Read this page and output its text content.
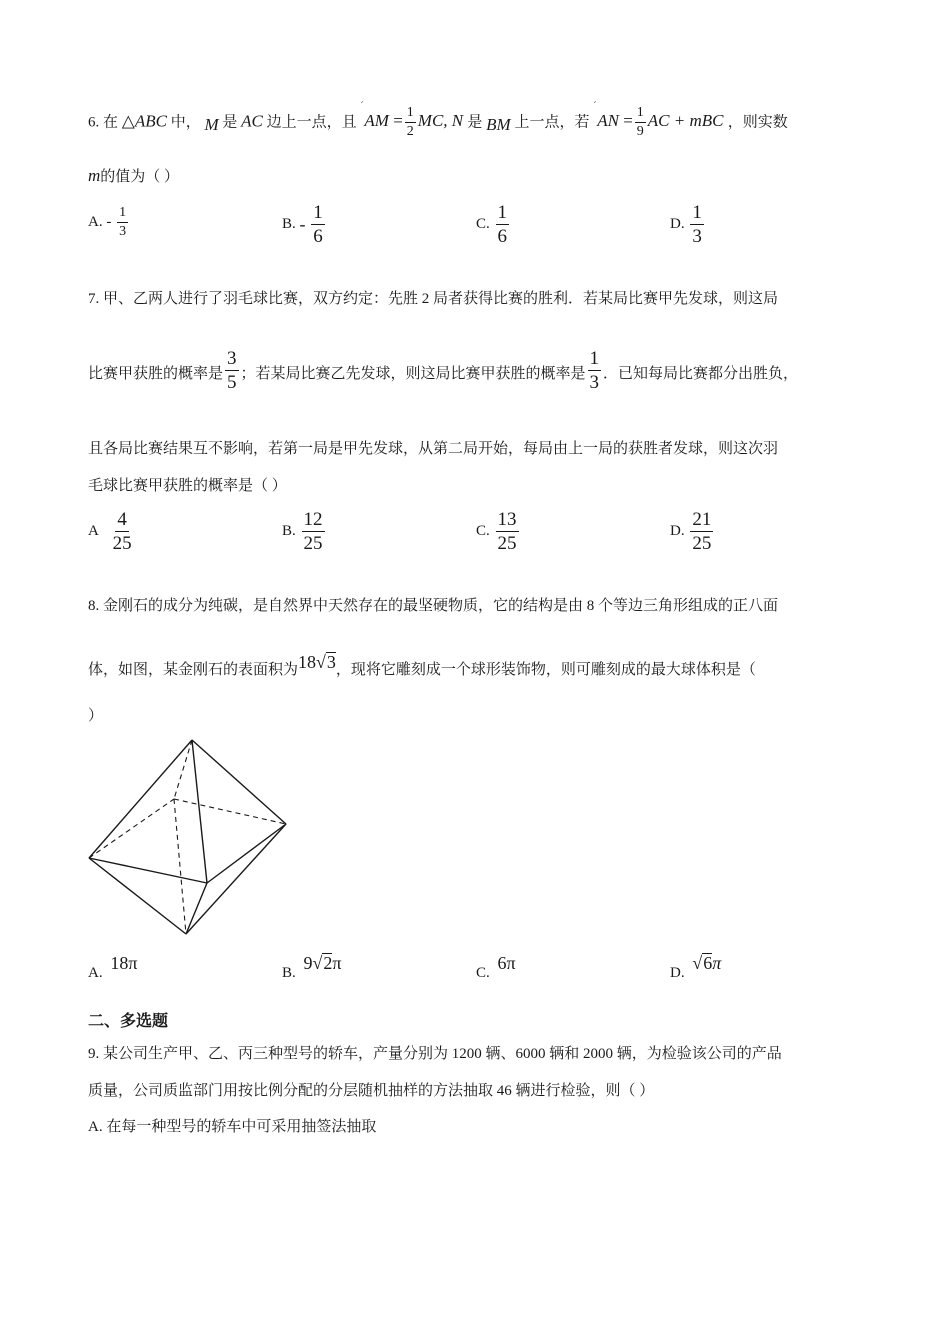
6. 在 △ABC 中， M 是 AC 边上一点，且
ˊ
AM = $\frac{1}{2}$ MC, N 是 BM 上一点，若
ˊ
AN = $\frac{1}{9}$ AC + mBC ，则实数
m的值为（ ）
A. - $\frac{1}{3}$	B. - $\frac{1}{6}$	C. $\frac{1}{6}$	D. $\frac{1}{3}$
7. 甲、乙两人进行了羽毛球比赛，双方约定：先胜 2 局者获得比赛的胜利．若某局比赛甲先发球，则这局
比赛甲获胜的概率是 $\frac{3}{5}$ ；若某局比赛乙先发球，则这局比赛甲获胜的概率是 $\frac{1}{3}$ ．已知每局比赛都分出胜负，
且各局比赛结果互不影响，若第一局是甲先发球，从第二局开始，每局由上一局的获胜者发球，则这次羽
毛球比赛甲获胜的概率是（ ）
A $\frac{4}{25}$	B. $\frac{12}{25}$	C. $\frac{13}{25}$	D. $\frac{21}{25}$
8. 金刚石的成分为纯碳，是自然界中天然存在的最坚硬物质，它的结构是由 8 个等边三角形组成的正八面
体，如图，某金刚石的表面积为18√3，现将它雕刻成一个球形装饰物，则可雕刻成的最大球体积是（
）
A. 18π
B. 9√2π
C. 6π
D. √6π
二、多选题
9. 某公司生产甲、乙、丙三种型号的轿车，产量分别为 1200 辆、6000 辆和 2000 辆，为检验该公司的产品
质量，公司质监部门用按比例分配的分层随机抽样的方法抽取 46 辆进行检验，则（ ）
A. 在每一种型号的轿车中可采用抽签法抽取
